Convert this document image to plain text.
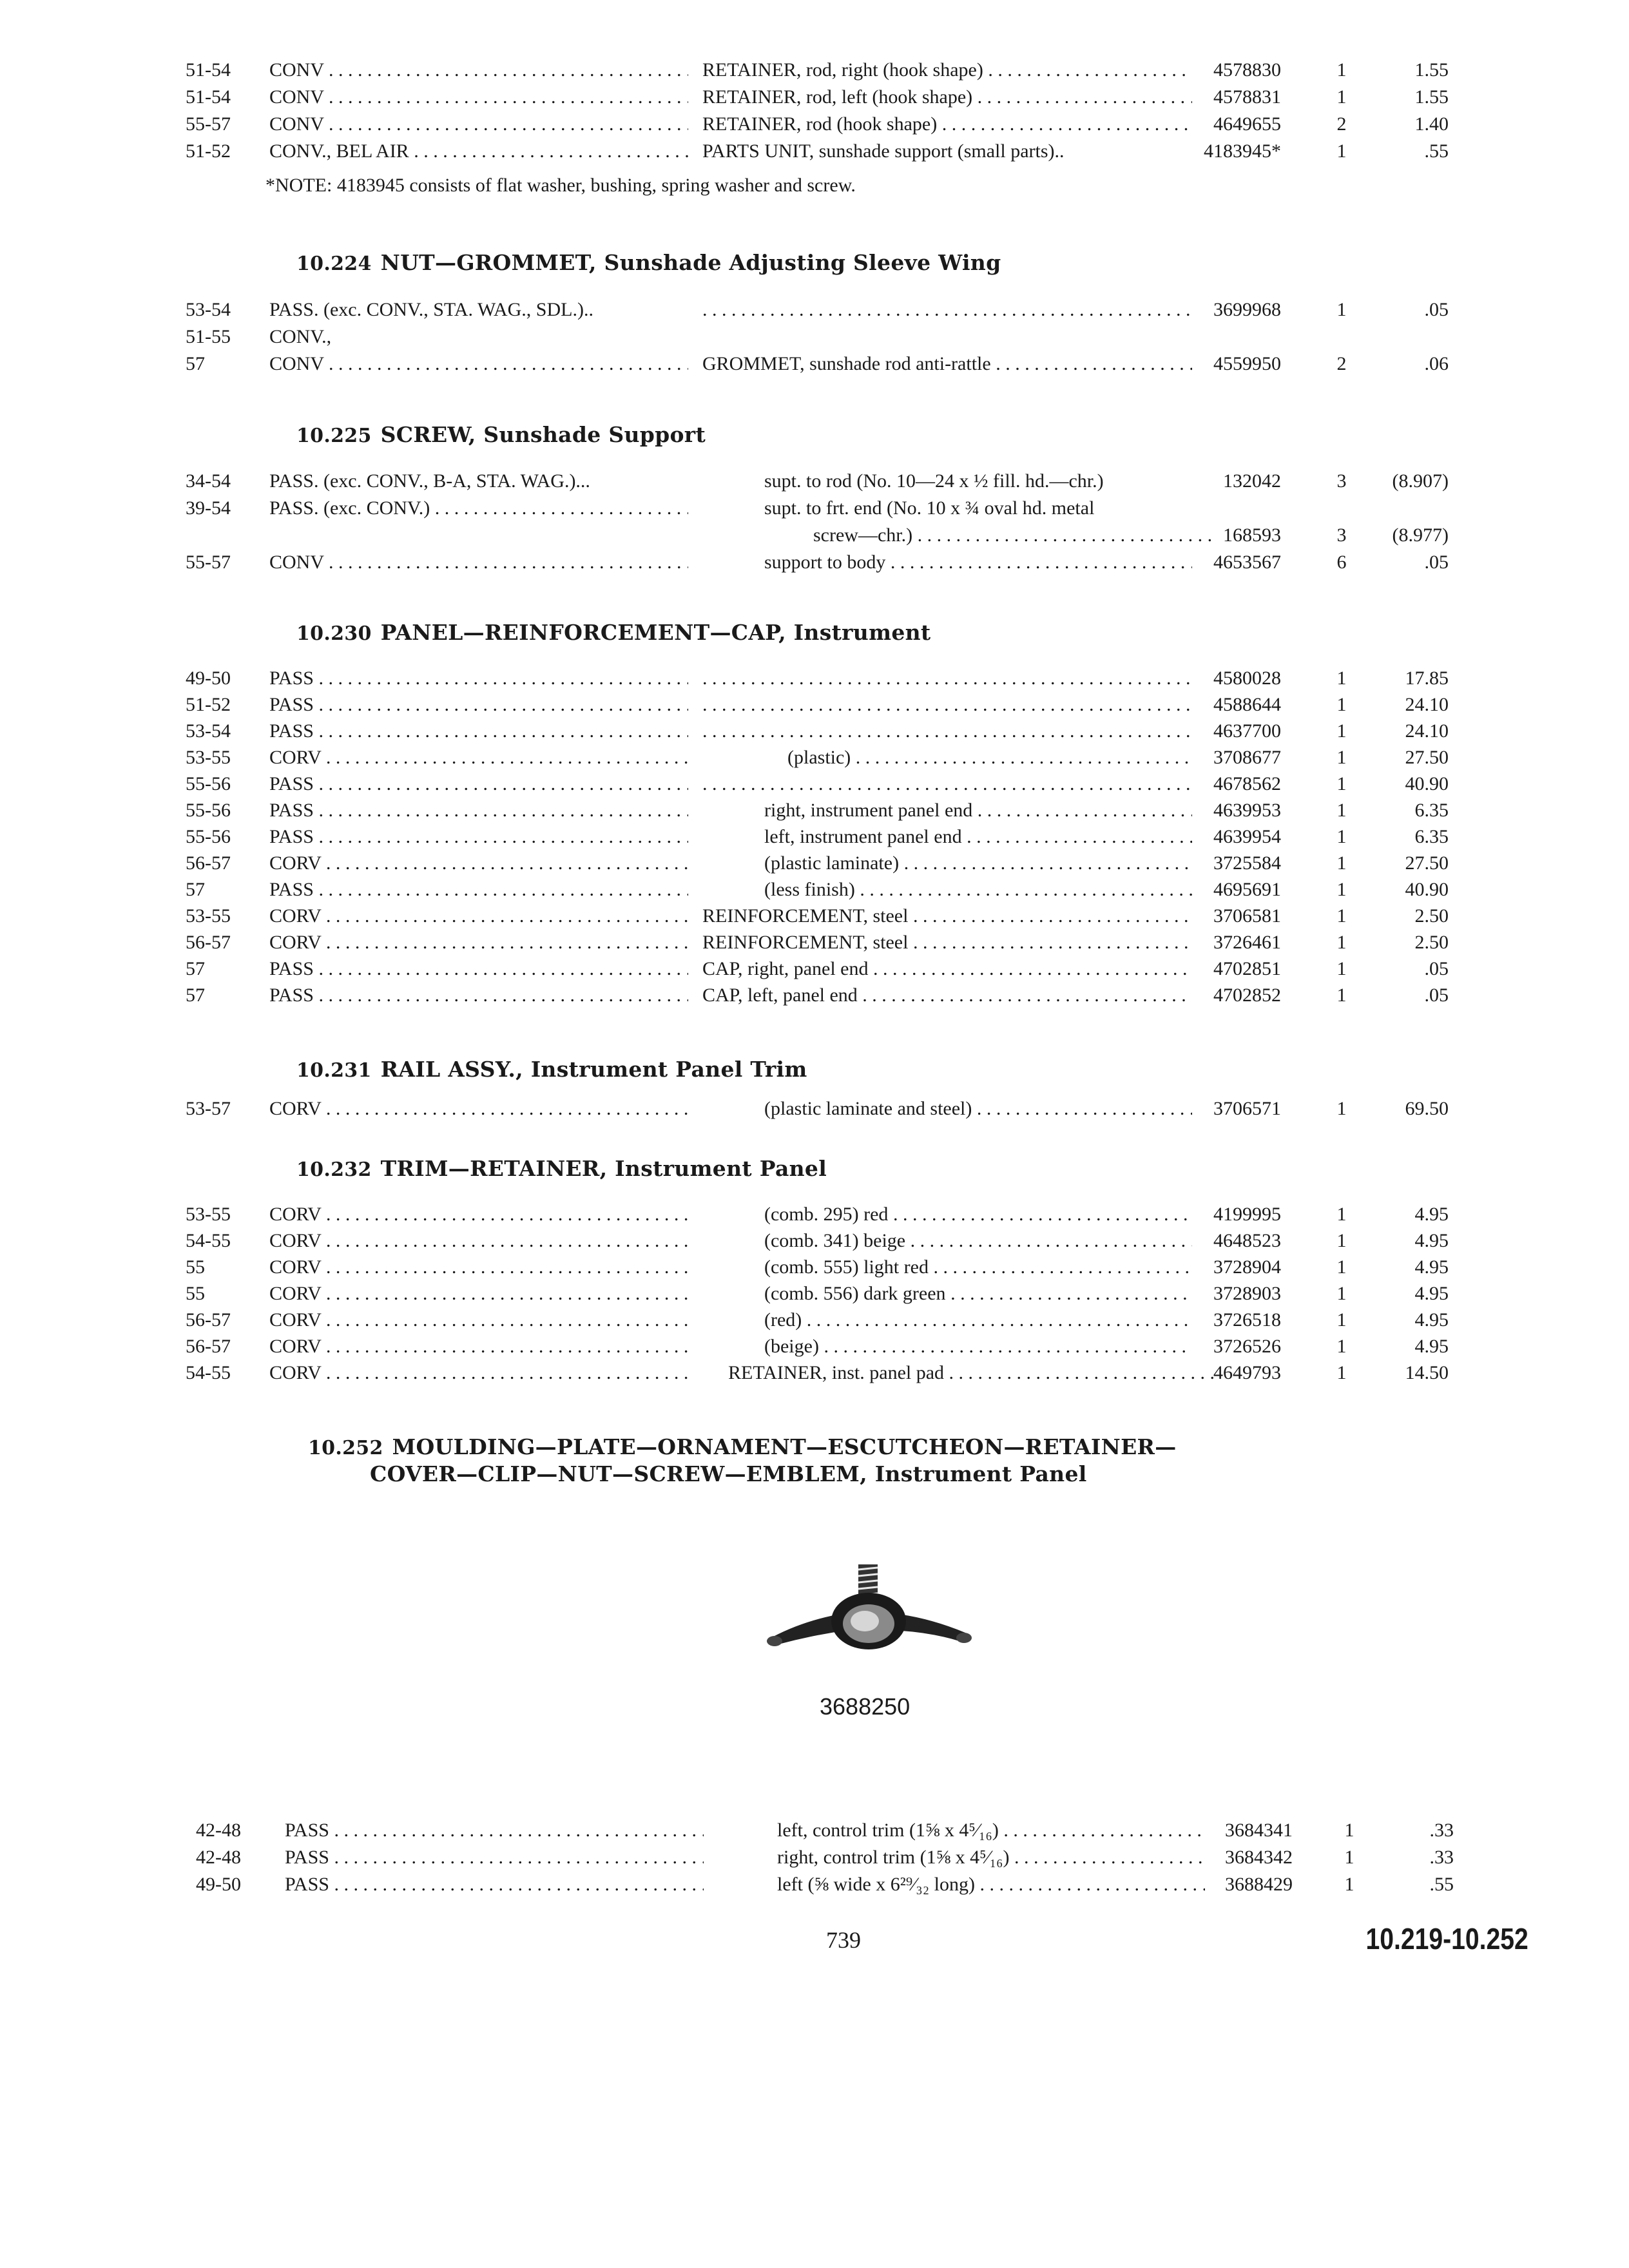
51-54 CONV . . .	RETAINER, rod, right (hook shape) . . .	4578830	1	1.55
51-54 CONV . . .	RETAINER, rod, left (hook shape) . . .	4578831	1	1.55
55-57 CONV . . .	RETAINER, rod (hook shape) . . .	4649655	2	1.40
51-52 CONV., BEL AIR . . .	PARTS UNIT, sunshade support (small parts)..	4183945*	1	.55
*NOTE: 4183945 consists of flat washer, bushing, spring washer and screw.
10.224 NUT—GROMMET, Sunshade Adjusting Sleeve Wing
53-54 PASS. (exc. CONV., STA. WAG., SDL.).. . . .	3699968	1	.05
51-55 CONV.,
57	CONV . . .	GROMMET, sunshade rod anti-rattle . . .	4559950	2	.06
10.225 SCREW, Sunshade Support
34-54 PASS. (exc. CONV., B-A, STA. WAG.)...	supt. to rod (No. 10—24 x ½ fill. hd.—chr.)	132042	3	(8.907)
39-54 PASS. (exc. CONV.) . . .	supt. to frt. end (No. 10 x ¾ oval hd. metal
screw—chr.) . . .	168593	3	(8.977)
55-57 CONV . . .	support to body . . .	4653567	6	.05
10.230 PANEL—REINFORCEMENT—CAP, Instrument
49-50 PASS . . . . . .	4580028	1	17.85
51-52 PASS . . . . . .	4588644	1	24.10
53-54 PASS . . . . . .	4637700	1	24.10
53-55 CORV . . .	(plastic) . . .	3708677	1	27.50
55-56 PASS . . . . . .	4678562	1	40.90
55-56 PASS . . .	right, instrument panel end . . .	4639953	1	6.35
55-56 PASS . . .	left, instrument panel end . . .	4639954	1	6.35
56-57 CORV . . .	(plastic laminate) . . .	3725584	1	27.50
57	PASS . . .	(less finish) . . .	4695691	1	40.90
53-55 CORV . . .	REINFORCEMENT, steel . . .	3706581	1	2.50
56-57 CORV . . .	REINFORCEMENT, steel . . .	3726461	1	2.50
57	PASS . . .	CAP, right, panel end . . .	4702851	1	.05
57	PASS . . .	CAP, left, panel end . . .	4702852	1	.05
10.231 RAIL ASSY., Instrument Panel Trim
53-57 CORV . . .	(plastic laminate and steel) . . .	3706571	1	69.50
10.232 TRIM—RETAINER, Instrument Panel
53-55 CORV . . .	(comb. 295) red . . .	4199995	1	4.95
54-55 CORV . . .	(comb. 341) beige . . .	4648523	1	4.95
55	CORV . . .	(comb. 555) light red . . .	3728904	1	4.95
55	CORV . . .	(comb. 556) dark green . . .	3728903	1	4.95
56-57 CORV . . .	(red) . . .	3726518	1	4.95
56-57 CORV . . .	(beige) . . .	3726526	1	4.95
54-55 CORV . . .	RETAINER, inst. panel pad . . .	4649793	1	14.50
10.252 MOULDING—PLATE—ORNAMENT—ESCUTCHEON—RETAINER—
COVER—CLIP—NUT—SCREW—EMBLEM, Instrument Panel
3688250
42-48 PASS . . .	left, control trim (1⅝ x 4⁵⁄₁₆) . . .	3684341	1	.33
42-48 PASS . . .	right, control trim (1⅝ x 4⁵⁄₁₆) . . .	3684342	1	.33
49-50 PASS . . .	left (⅝ wide x 6²⁹⁄₃₂ long) . . .	3688429	1	.55
739	10.219-10.252
